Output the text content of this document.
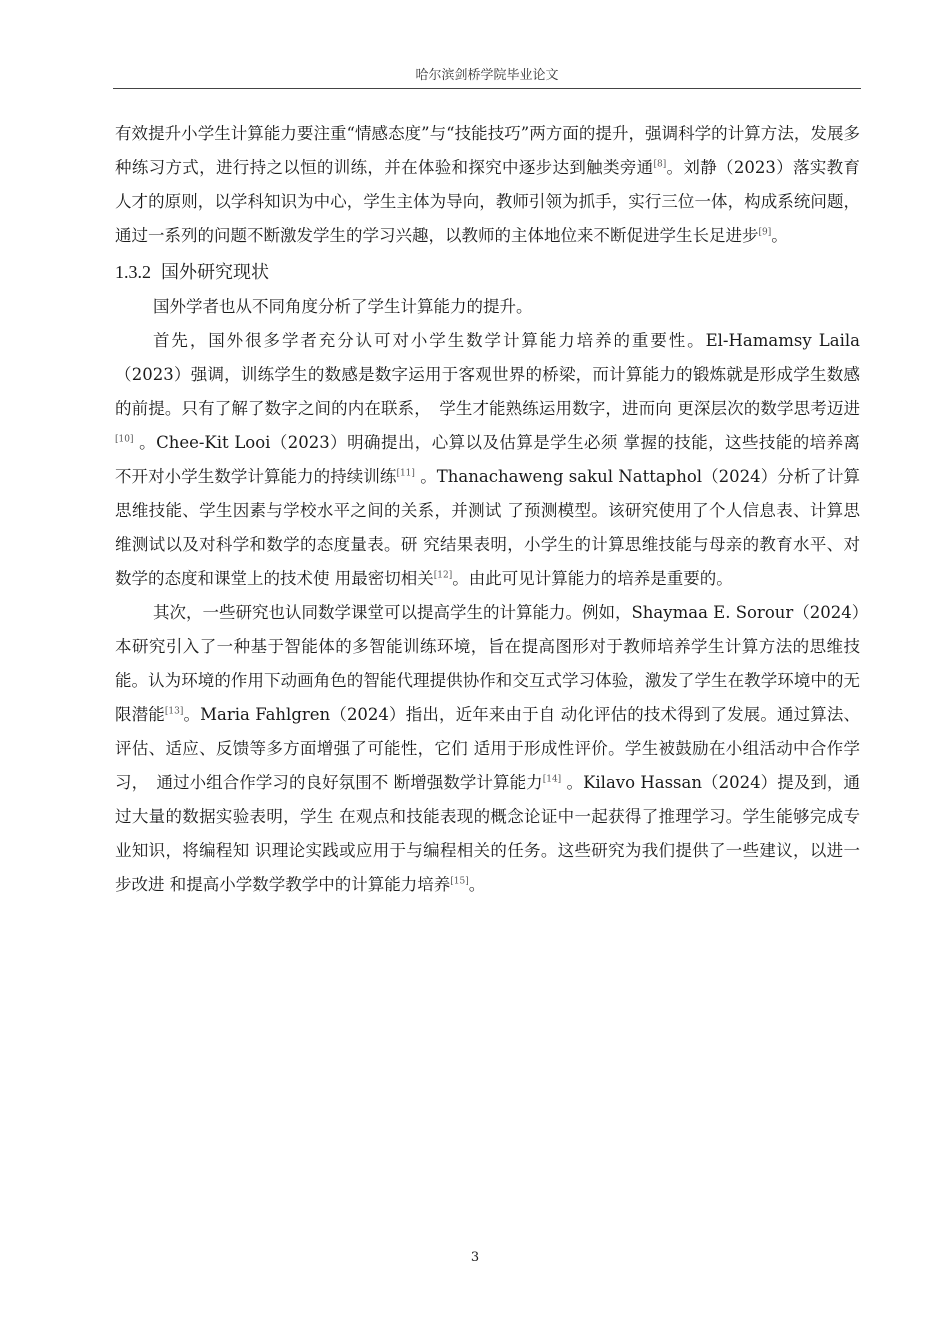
哈尔滨剑桥学院毕业论文

有效提升小学生计算能力要注重“情感态度”与“技能技巧”两方面的提升，强调科学的计算方法，发展多种练习方式，进行持之以恒的训练，并在体验和探究中逐步达到触类旁通[8]。刘静（2023）落实教育人才的原则，以学科知识为中心，学生主体为导向，教师引领为抓手，实行三位一体，构成系统问题，通过一系列的问题不断激发学生的学习兴趣，以教师的主体地位来不断促进学生长足进步[9]。

1.3.2 国外研究现状

国外学者也从不同角度分析了学生计算能力的提升。

首先，国外很多学者充分认可对小学生数学计算能力培养的重要性。El-Hamamsy Laila（2023）强调，训练学生的数感是数字运用于客观世界的桥梁，而计算能力的锻炼就是形成学生数感的前提。只有了解了数字之间的内在联系，　学生才能熟练运用数字，进而向 更深层次的数学思考迈进[10] 。Chee-Kit Looi（2023）明确提出，心算以及估算是学生必须 掌握的技能，这些技能的培养离不开对小学生数学计算能力的持续训练[11] 。Thanachaweng sakul Nattaphol（2024）分析了计算思维技能、学生因素与学校水平之间的关系，并测试 了预测模型。该研究使用了个人信息表、计算思维测试以及对科学和数学的态度量表。研 究结果表明，小学生的计算思维技能与母亲的教育水平、对数学的态度和课堂上的技术使 用最密切相关[12]。由此可见计算能力的培养是重要的。

其次，一些研究也认同数学课堂可以提高学生的计算能力。例如，Shaymaa E. Sorour（2024）本研究引入了一种基于智能体的多智能训练环境，旨在提高图形对于教师培养学生计算方法的思维技能。认为环境的作用下动画角色的智能代理提供协作和交互式学习体验，激发了学生在教学环境中的无限潜能[13]。Maria Fahlgren（2024）指出，近年来由于自 动化评估的技术得到了发展。通过算法、评估、适应、反馈等多方面增强了可能性，它们 适用于形成性评价。学生被鼓励在小组活动中合作学习，　通过小组合作学习的良好氛围不 断增强数学计算能力[14] 。Kilavo Hassan（2024）提及到，通过大量的数据实验表明，学生 在观点和技能表现的概念论证中一起获得了推理学习。学生能够完成专业知识，将编程知 识理论实践或应用于与编程相关的任务。这些研究为我们提供了一些建议，以进一步改进 和提高小学数学教学中的计算能力培养[15]。

3
